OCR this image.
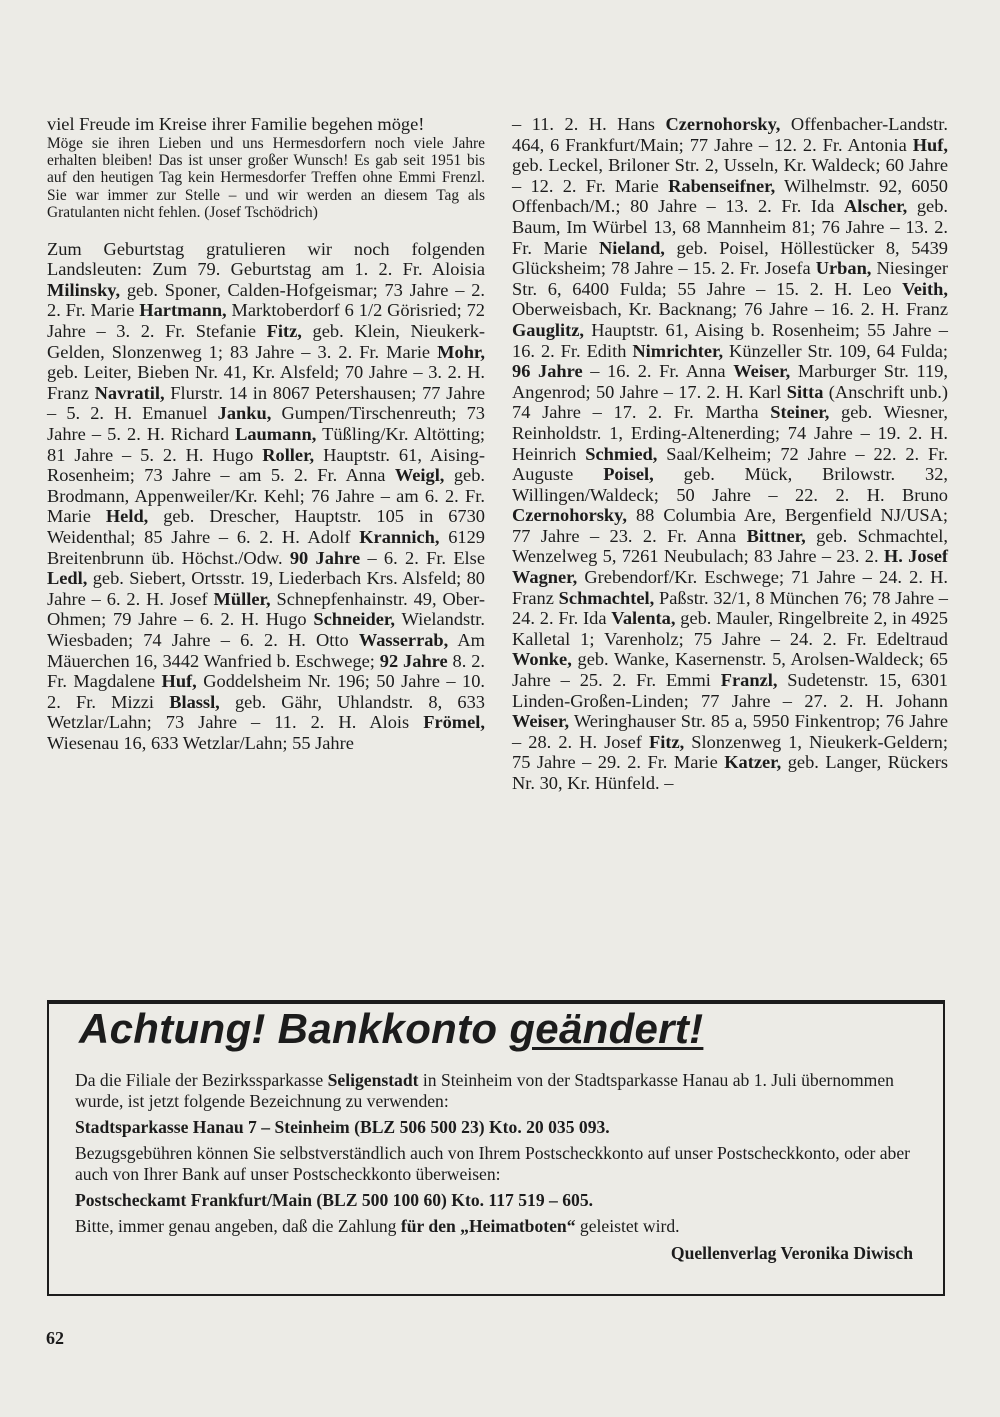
viel Freude im Kreise ihrer Familie begehen möge!

Möge sie ihren Lieben und uns Hermesdorfern noch viele Jahre erhalten bleiben! Das ist unser großer Wunsch! Es gab seit 1951 bis auf den heutigen Tag kein Hermesdorfer Treffen ohne Emmi Frenzl. Sie war immer zur Stelle – und wir werden an diesem Tag als Gratulanten nicht fehlen. (Josef Tschödrich)

Zum Geburtstag gratulieren wir noch folgenden Landsleuten: Zum 79. Geburtstag am 1. 2. Fr. Aloisia Milinsky, geb. Sponer, Calden-Hofgeismar; 73 Jahre – 2. 2. Fr. Marie Hartmann, Marktoberdorf 6 1/2 Görisried; 72 Jahre – 3. 2. Fr. Stefanie Fitz, geb. Klein, Nieukerk-Gelden, Slonzenweg 1; 83 Jahre – 3. 2. Fr. Marie Mohr, geb. Leiter, Bieben Nr. 41, Kr. Alsfeld; 70 Jahre – 3. 2. H. Franz Navratil, Flurstr. 14 in 8067 Petershausen; 77 Jahre – 5. 2. H. Emanuel Janku, Gumpen/Tirschenreuth; 73 Jahre – 5. 2. H. Richard Laumann, Tüßling/Kr. Altötting; 81 Jahre – 5. 2. H. Hugo Roller, Hauptstr. 61, Aising-Rosenheim; 73 Jahre – am 5. 2. Fr. Anna Weigl, geb. Brodmann, Appenweiler/Kr. Kehl; 76 Jahre – am 6. 2. Fr. Marie Held, geb. Drescher, Hauptstr. 105 in 6730 Weidenthal; 85 Jahre – 6. 2. H. Adolf Krannich, 6129 Breitenbrunn üb. Höchst./Odw. 90 Jahre – 6. 2. Fr. Else Ledl, geb. Siebert, Ortsstr. 19, Liederbach Krs. Alsfeld; 80 Jahre – 6. 2. H. Josef Müller, Schnepfenhainstr. 49, Ober-Ohmen; 79 Jahre – 6. 2. H. Hugo Schneider, Wielandstr. Wiesbaden; 74 Jahre – 6. 2. H. Otto Wasserrab, Am Mäuerchen 16, 3442 Wanfried b. Eschwege; 92 Jahre 8. 2. Fr. Magdalene Huf, Goddelsheim Nr. 196; 50 Jahre – 10. 2. Fr. Mizzi Blassl, geb. Gähr, Uhlandstr. 8, 633 Wetzlar/Lahn; 73 Jahre – 11. 2. H. Alois Frömel, Wiesenau 16, 633 Wetzlar/Lahn; 55 Jahre

– 11. 2. H. Hans Czernohorsky, Offenbacher-Landstr. 464, 6 Frankfurt/Main; 77 Jahre – 12. 2. Fr. Antonia Huf, geb. Leckel, Briloner Str. 2, Usseln, Kr. Waldeck; 60 Jahre – 12. 2. Fr. Marie Rabenseifner, Wilhelmstr. 92, 6050 Offenbach/M.; 80 Jahre – 13. 2. Fr. Ida Alscher, geb. Baum, Im Würbel 13, 68 Mannheim 81; 76 Jahre – 13. 2. Fr. Marie Nieland, geb. Poisel, Höllestücker 8, 5439 Glücksheim; 78 Jahre – 15. 2. Fr. Josefa Urban, Niesinger Str. 6, 6400 Fulda; 55 Jahre – 15. 2. H. Leo Veith, Oberweisbach, Kr. Backnang; 76 Jahre – 16. 2. H. Franz Gauglitz, Hauptstr. 61, Aising b. Rosenheim; 55 Jahre – 16. 2. Fr. Edith Nimrichter, Künzeller Str. 109, 64 Fulda; 96 Jahre – 16. 2. Fr. Anna Weiser, Marburger Str. 119, Angenrod; 50 Jahre – 17. 2. H. Karl Sitta (Anschrift unb.) 74 Jahre – 17. 2. Fr. Martha Steiner, geb. Wiesner, Reinholdstr. 1, Erding-Altenerding; 74 Jahre – 19. 2. H. Heinrich Schmied, Saal/Kelheim; 72 Jahre – 22. 2. Fr. Auguste Poisel, geb. Mück, Brilowstr. 32, Willingen/Waldeck; 50 Jahre – 22. 2. H. Bruno Czernohorsky, 88 Columbia Are, Bergenfield NJ/USA; 77 Jahre – 23. 2. Fr. Anna Bittner, geb. Schmachtel, Wenzelweg 5, 7261 Neubulach; 83 Jahre – 23. 2. H. Josef Wagner, Grebendorf/Kr. Eschwege; 71 Jahre – 24. 2. H. Franz Schmachtel, Paßstr. 32/1, 8 München 76; 78 Jahre – 24. 2. Fr. Ida Valenta, geb. Mauler, Ringelbreite 2, in 4925 Kalletal 1; Varenholz; 75 Jahre – 24. 2. Fr. Edeltraud Wonke, geb. Wanke, Kasernenstr. 5, Arolsen-Waldeck; 65 Jahre – 25. 2. Fr. Emmi Franzl, Sudetenstr. 15, 6301 Linden-Großen-Linden; 77 Jahre – 27. 2. H. Johann Weiser, Weringhauser Str. 85 a, 5950 Finkentrop; 76 Jahre – 28. 2. H. Josef Fitz, Slonzenweg 1, Nieukerk-Geldern; 75 Jahre – 29. 2. Fr. Marie Katzer, geb. Langer, Rückers Nr. 30, Kr. Hünfeld. –

Achtung! Bankkonto geändert!

Da die Filiale der Bezirkssparkasse Seligenstadt in Steinheim von der Stadtsparkasse Hanau ab 1. Juli übernommen wurde, ist jetzt folgende Bezeichnung zu verwenden:

Stadtsparkasse Hanau 7 – Steinheim (BLZ 506 500 23) Kto. 20 035 093.

Bezugsgebühren können Sie selbstverständlich auch von Ihrem Postscheckkonto auf unser Postscheckkonto, oder aber auch von Ihrer Bank auf unser Postscheckkonto überweisen:

Postscheckamt Frankfurt/Main (BLZ 500 100 60) Kto. 117 519 – 605.

Bitte, immer genau angeben, daß die Zahlung für den „Heimatboten“ geleistet wird.

Quellenverlag Veronika Diwisch

62
